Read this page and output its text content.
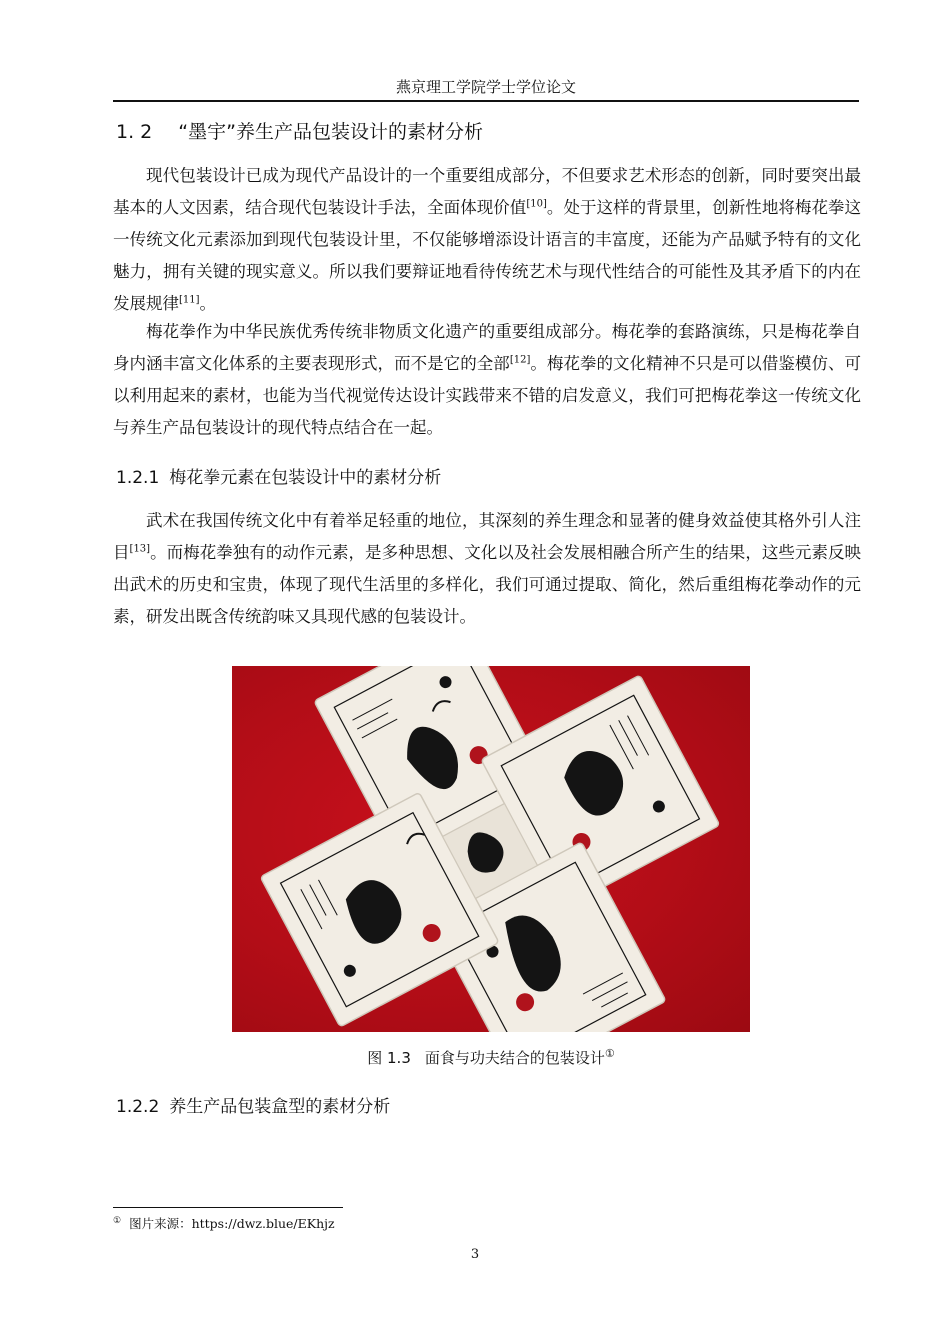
燕京理工学院学士学位论文
1. 2 “墨宇”养生产品包装设计的素材分析
现代包装设计已成为现代产品设计的一个重要组成部分，不但要求艺术形态的创新，同时要突出最基本的人文因素，结合现代包装设计手法，全面体现价值[10]。处于这样的背景里，创新性地将梅花拳这一传统文化元素添加到现代包装设计里，不仅能够增添设计语言的丰富度，还能为产品赋予特有的文化魅力，拥有关键的现实意义。所以我们要辩证地看待传统艺术与现代性结合的可能性及其矛盾下的内在发展规律[11]。
梅花拳作为中华民族优秀传统非物质文化遗产的重要组成部分。梅花拳的套路演练，只是梅花拳自身内涵丰富文化体系的主要表现形式，而不是它的全部[12]。梅花拳的文化精神不只是可以借鉴模仿、可以利用起来的素材，也能为当代视觉传达设计实践带来不错的启发意义，我们可把梅花拳这一传统文化与养生产品包装设计的现代特点结合在一起。
1.2.1 梅花拳元素在包装设计中的素材分析
武术在我国传统文化中有着举足轻重的地位，其深刻的养生理念和显著的健身效益使其格外引人注目[13]。而梅花拳独有的动作元素，是多种思想、文化以及社会发展相融合所产生的结果，这些元素反映出武术的历史和宝贵，体现了现代生活里的多样化，我们可通过提取、简化，然后重组梅花拳动作的元素，研发出既含传统韵味又具现代感的包装设计。
图 1.3 面食与功夫结合的包装设计①
1.2.2 养生产品包装盒型的素材分析
① 图片来源：https://dwz.blue/EKhjz
3
